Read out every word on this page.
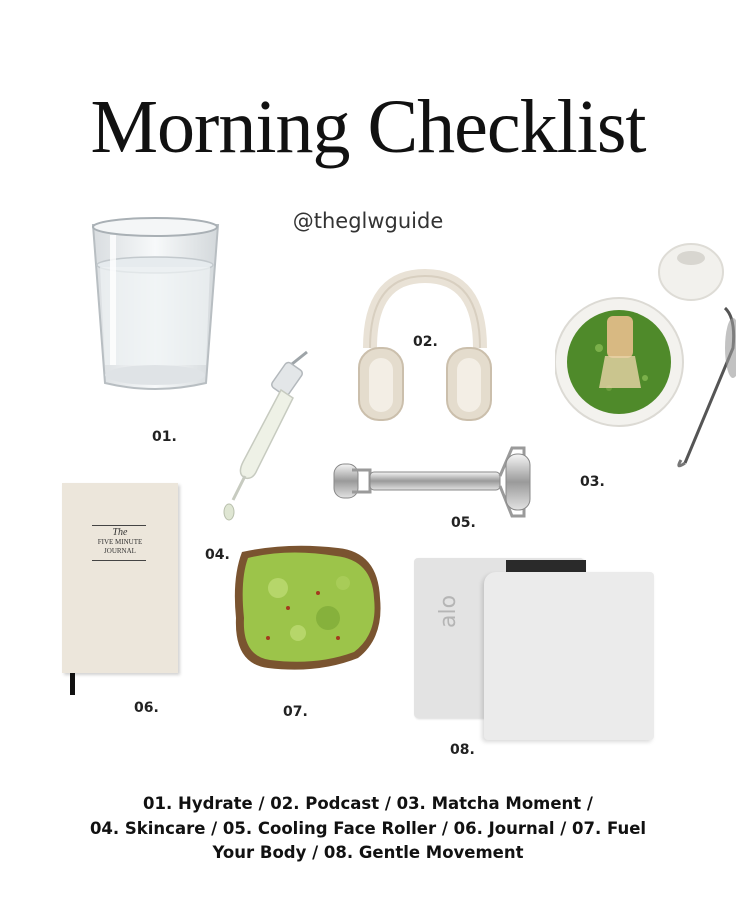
Morning Checklist
@theglwguide
01.
02.
03.
04.
05.
The
FIVE MINUTE
JOURNAL
06.	07.
alo
08.
01. Hydrate / 02. Podcast / 03. Matcha Moment /
04. Skincare / 05. Cooling Face Roller / 06. Journal / 07. Fuel
Your Body / 08. Gentle Movement
